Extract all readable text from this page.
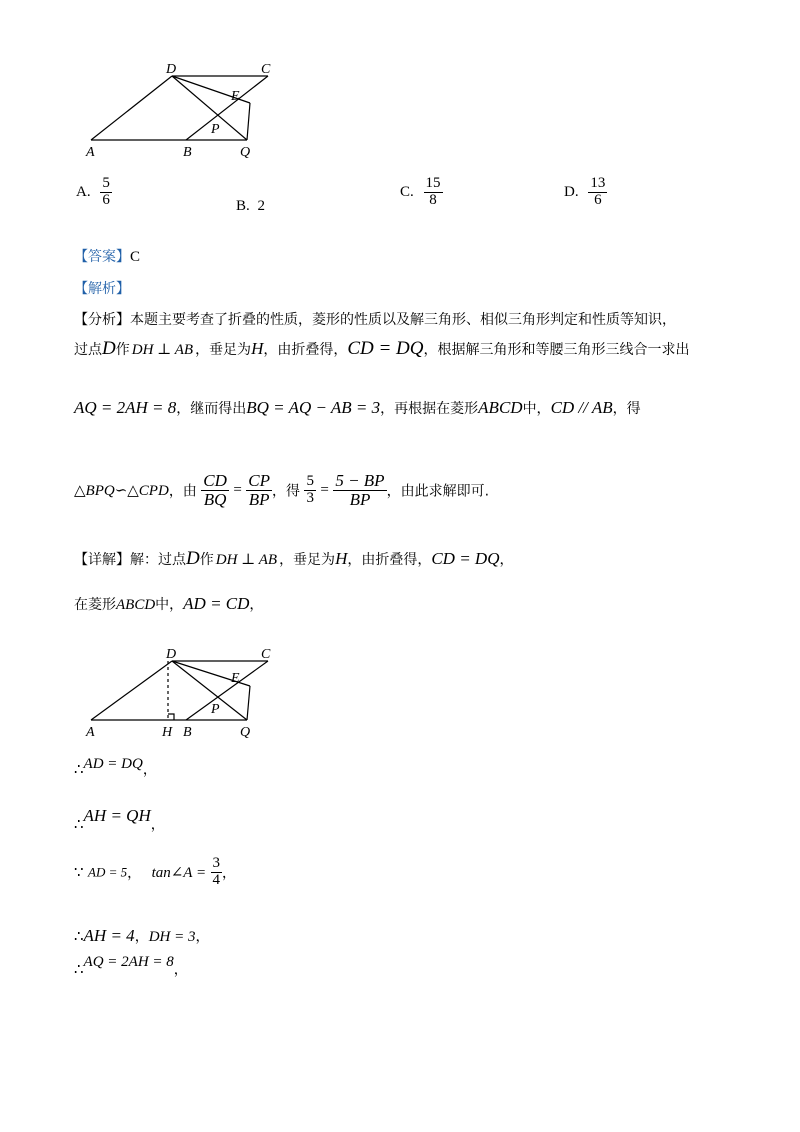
D	C
E
P
A	B	Q
A. $\frac{5}{6}$	B. 2
C. $\frac{15}{8}$	D. $\frac{13}{6}$
【答案】C
【解析】
【分析】本题主要考查了折叠的性质，菱形的性质以及解三角形、相似三角形判定和性质等知识，
过点D作 DH ⊥ AB ，垂足为H，由折叠得，CD = DQ，根据解三角形和等腰三角形三线合一求出
AQ = 2AH = 8，继而得出BQ = AQ − AB = 3，再根据在菱形ABCD中，CD // AB，得
△BPQ∽△CPD，由 $\frac{CD}{BQ} = \frac{CP}{BP}$ ，得 $\frac{5}{3} = \frac{5 - BP}{BP}$ ，由此求解即可.
【详解】解：过点D作 DH ⊥ AB ，垂足为H，由折叠得，CD = DQ，
在菱形ABCD中，AD = CD，
D	C
E
P
A	H B	Q
∴AD = DQ，
∴AH = QH，
∵ AD = 5， tan∠A = $\frac{3}{4}$ ，
∴AH = 4，DH = 3，
∴AQ = 2AH = 8，
